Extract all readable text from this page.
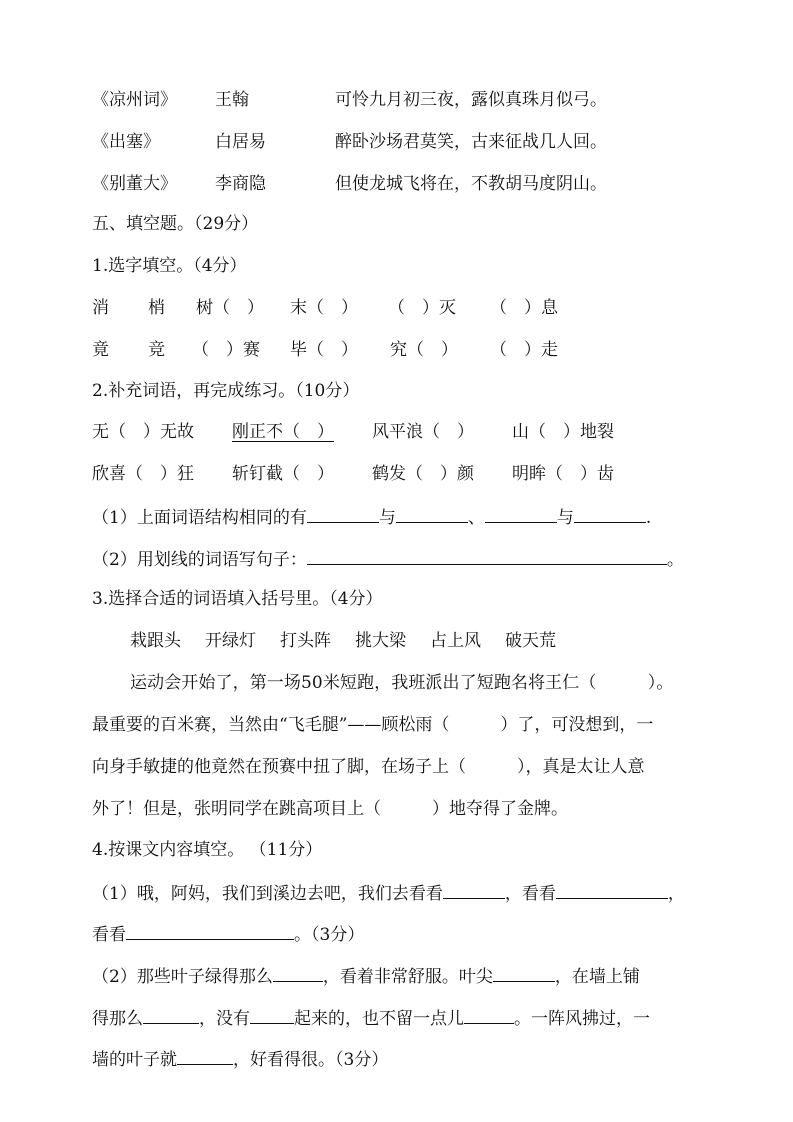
《凉州词》 王翰	可怜九月初三夜，露似真珠月似弓。
《出塞》	白居易	醉卧沙场君莫笑，古来征战几人回。
《别董大》 李商隐	但使龙城飞将在，不教胡马度阴山。
五、填空题。（29分）
1.选字填空。（4分）
消 梢 树（　） 末（　） （　）灭 （　）息
竟 竞 （　）赛 毕（　） 究（　） （　）走
2.补充词语，再完成练习。（10分）
无（　）无故 刚正不（　） 风平浪（　） 山（　）地裂
欣喜（　）狂 斩钉截（　） 鹤发（　）颜 明眸（　）齿
（1）上面词语结构相同的有	与	、	与	.
（2）用划线的词语写句子：	。
3.选择合适的词语填入括号里。（4分）
栽跟头 开绿灯 打头阵 挑大梁 占上风 破天荒
运动会开始了，第一场50米短跑，我班派出了短跑名将王仁（　　　）。
最重要的百米赛，当然由“飞毛腿”——顾松雨（　　　）了，可没想到，一
向身手敏捷的他竟然在预赛中扭了脚，在场子上（　　　），真是太让人意
外了！但是，张明同学在跳高项目上（　　　）地夺得了金牌。
4.按课文内容填空。 （11分）
（1）哦，阿妈，我们到溪边去吧，我们去看看	，看看	，
看看	。（3分）
（2）那些叶子绿得那么	，看着非常舒服。叶尖	，在墙上铺
得那么	，没有	起来的，也不留一点儿	。一阵风拂过，一
墙的叶子就	，好看得很。（3分）
